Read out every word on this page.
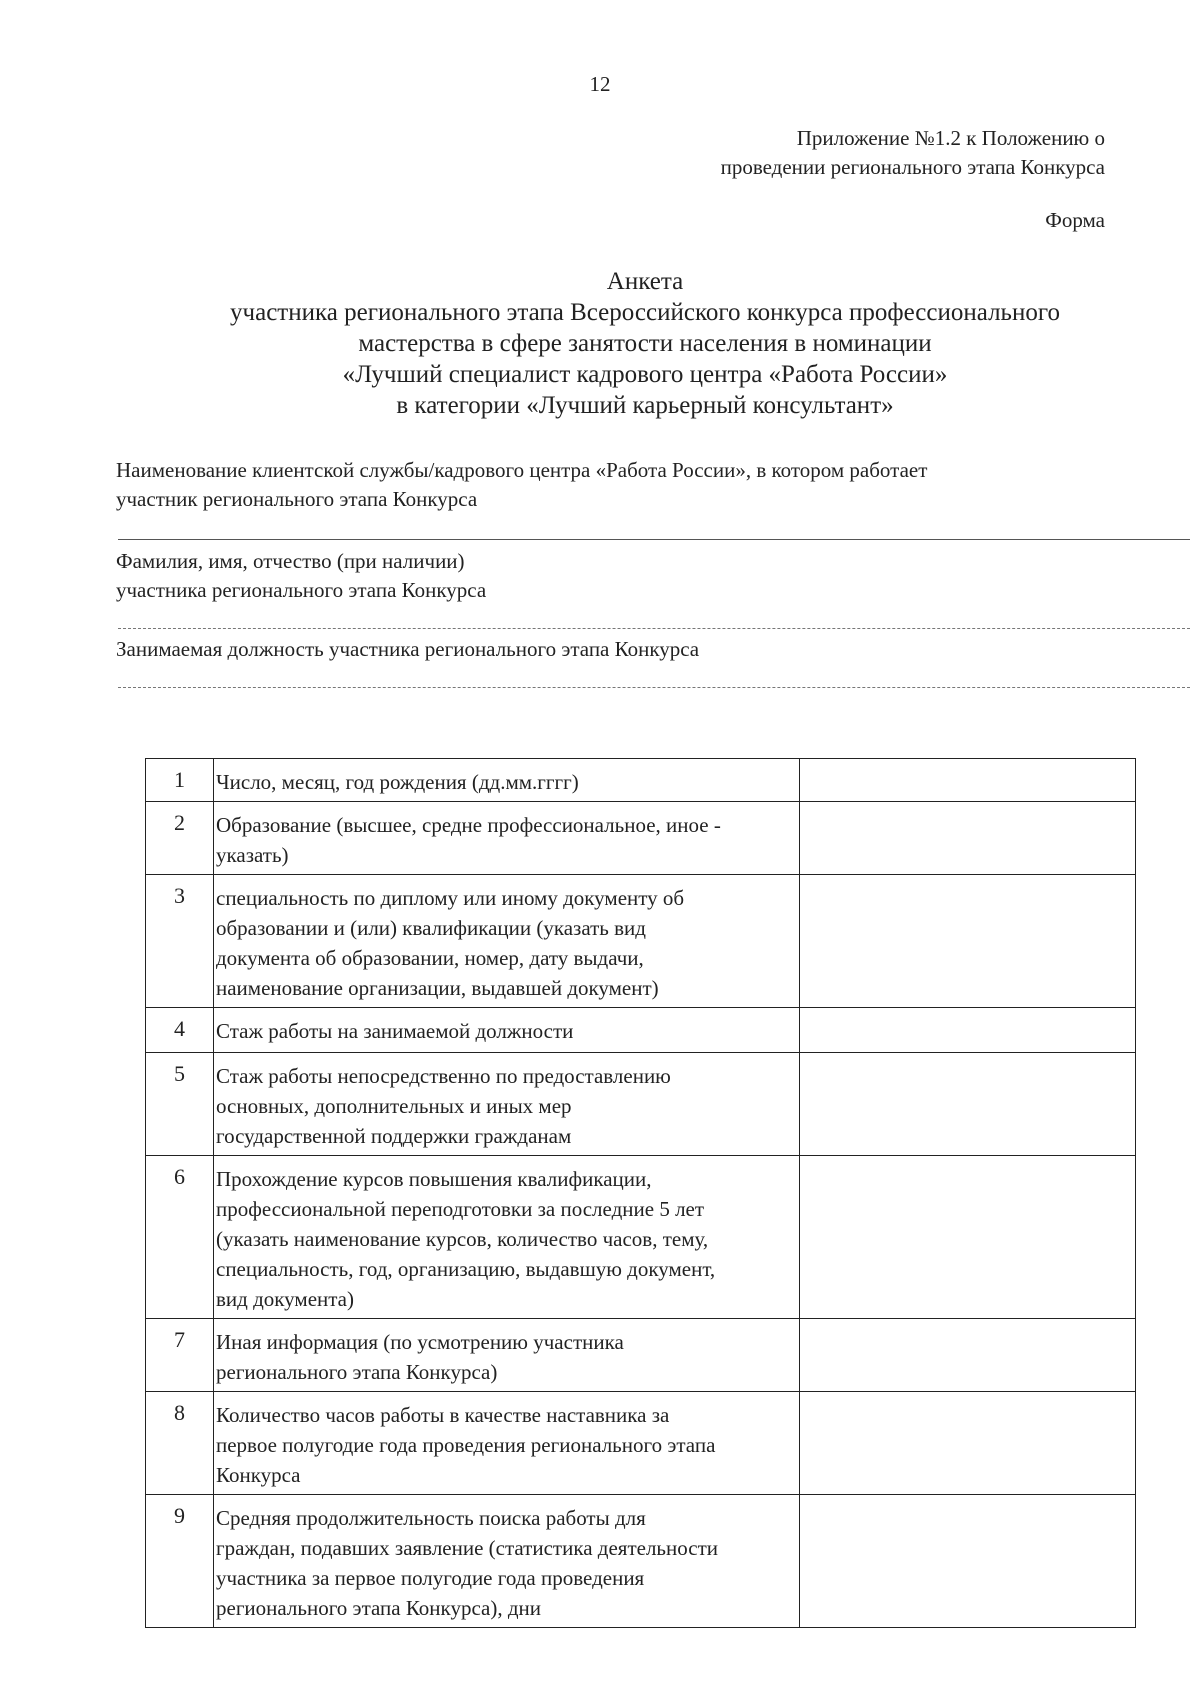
12
Приложение №1.2 к Положению о
проведении регионального этапа Конкурса
Форма
Анкета
участника регионального этапа Всероссийского конкурса профессионального
мастерства в сфере занятости населения в номинации
«Лучший специалист кадрового центра «Работа России»
в категории «Лучший карьерный консультант»
Наименование клиентской службы/кадрового центра «Работа России», в котором работает
участник регионального этапа Конкурса
Фамилия, имя, отчество (при наличии)
участника регионального этапа Конкурса
Занимаемая должность участника регионального этапа Конкурса
1	Число, месяц, год рождения (дд.мм.гггг)	

2	Образование (высшее, средне профессиональное, иное -
указать)	

3	специальность по диплому или иному документу об
образовании и (или) квалификации (указать вид
документа об образовании, номер, дату выдачи,
наименование организации, выдавшей документ)	

4	Стаж работы на занимаемой должности	

5	Стаж работы непосредственно по предоставлению
основных, дополнительных и иных мер
государственной поддержки гражданам	

6	Прохождение курсов повышения квалификации,
профессиональной переподготовки за последние 5 лет
(указать наименование курсов, количество часов, тему,
специальность, год, организацию, выдавшую документ,
вид документа)	

7	Иная информация (по усмотрению участника
регионального этапа Конкурса)	

8	Количество часов работы в качестве наставника за
первое полугодие года проведения регионального этапа
Конкурса	

9	Средняя продолжительность поиска работы для
граждан, подавших заявление (статистика деятельности
участника за первое полугодие года проведения
регионального этапа Конкурса), дни	
